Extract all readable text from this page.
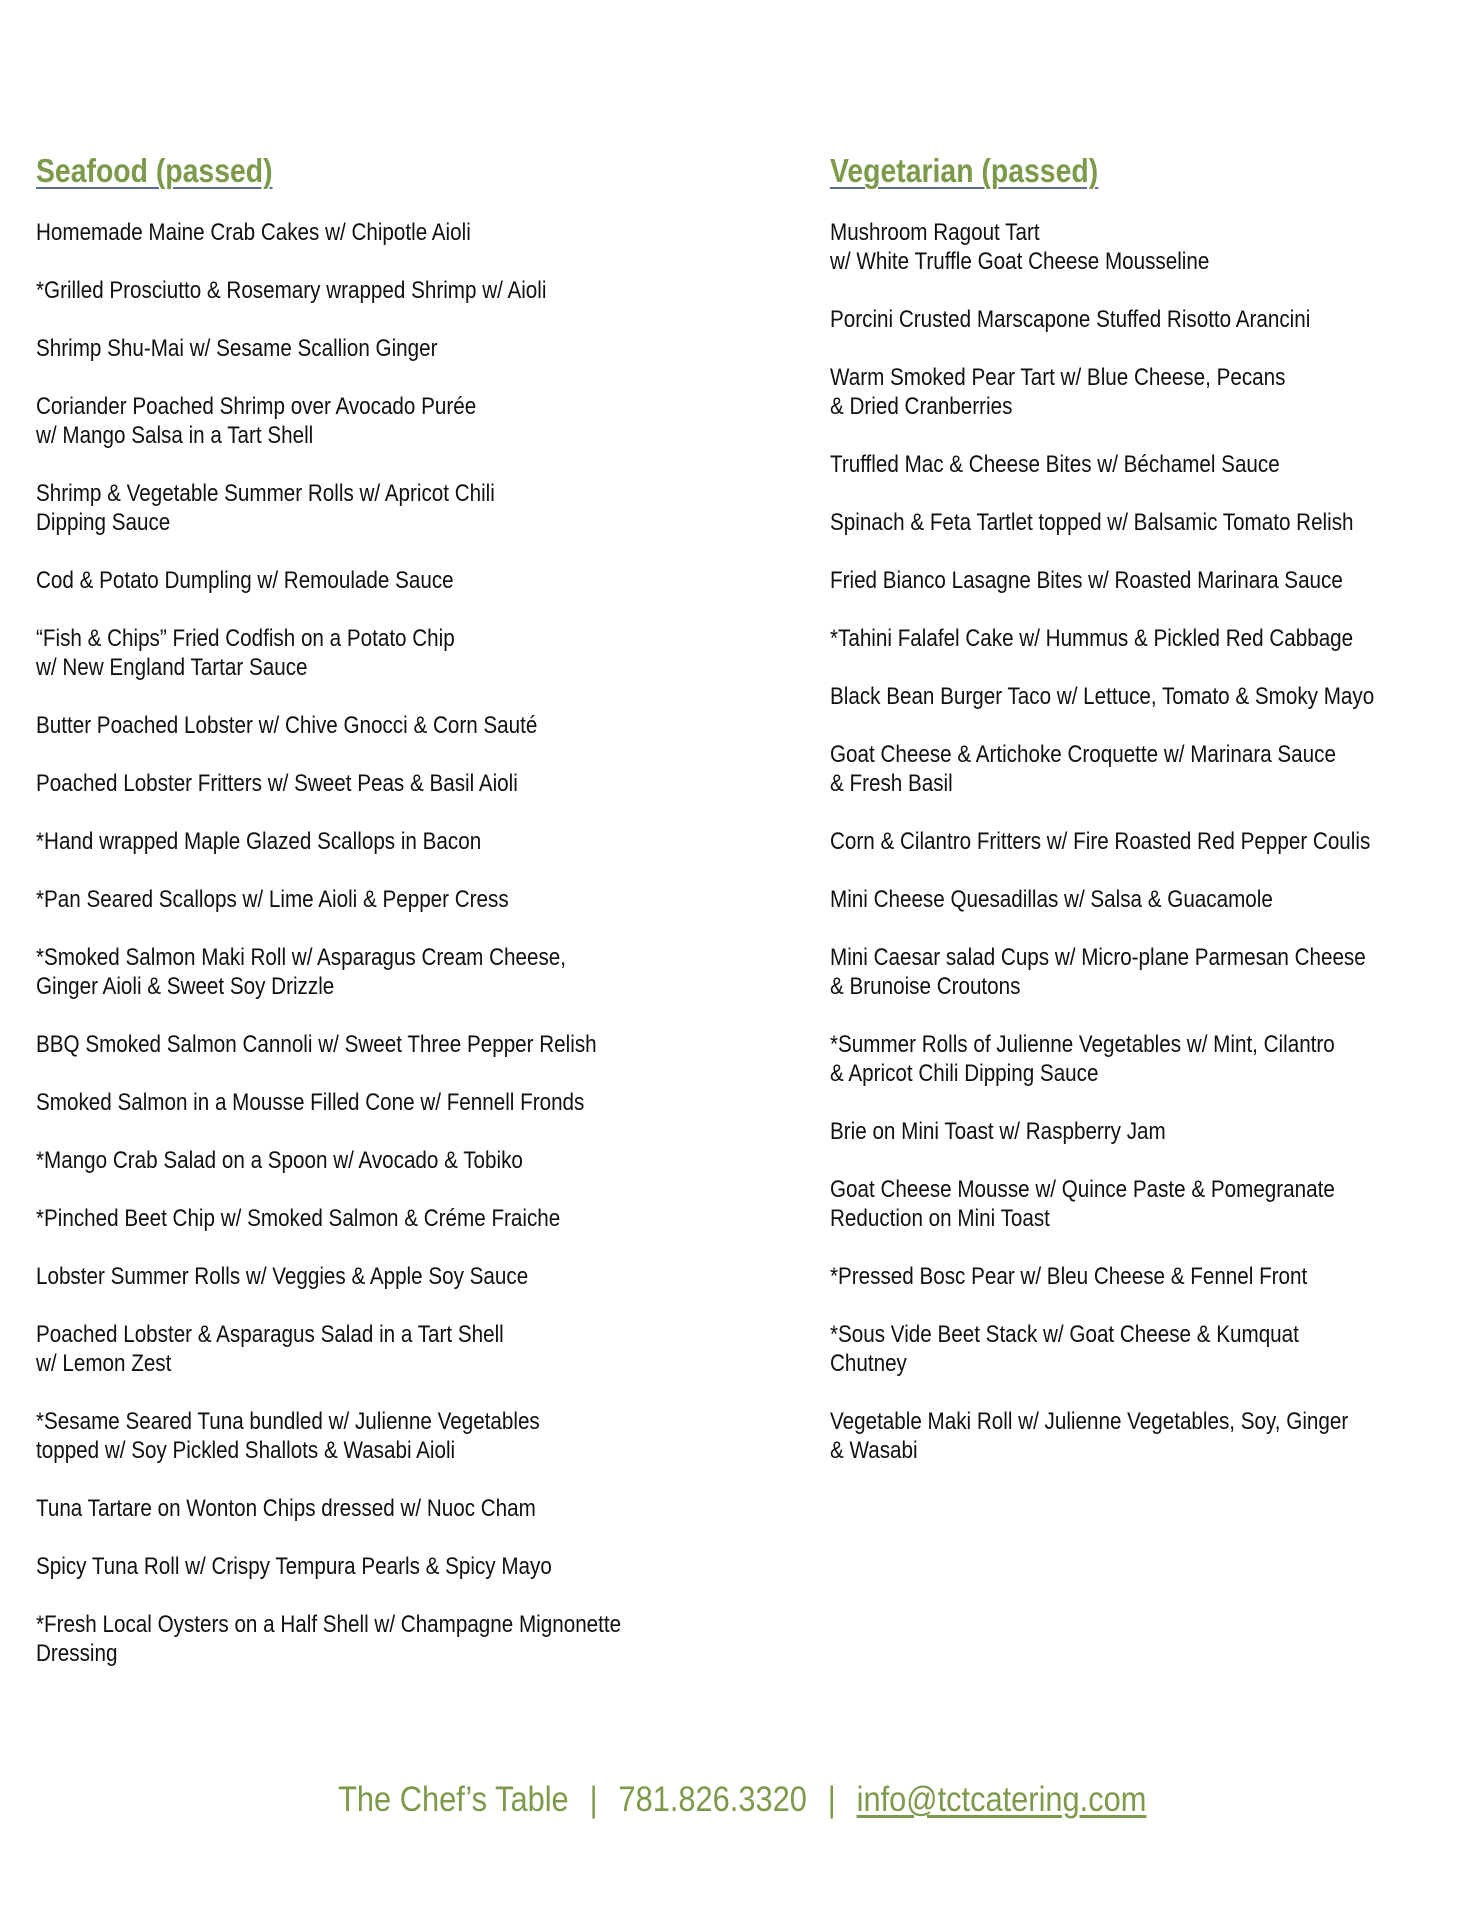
Seafood (passed)
Homemade Maine Crab Cakes w/ Chipotle Aioli
*Grilled Prosciutto & Rosemary wrapped Shrimp w/ Aioli
Shrimp Shu-Mai w/ Sesame Scallion Ginger
Coriander Poached Shrimp over Avocado Purée
w/ Mango Salsa in a Tart Shell
Shrimp & Vegetable Summer Rolls w/ Apricot Chili
Dipping Sauce
Cod & Potato Dumpling w/ Remoulade Sauce
“Fish & Chips” Fried Codfish on a Potato Chip
w/ New England Tartar Sauce
Butter Poached Lobster w/ Chive Gnocci & Corn Sauté
Poached Lobster Fritters w/ Sweet Peas & Basil Aioli
*Hand wrapped Maple Glazed Scallops in Bacon
*Pan Seared Scallops w/ Lime Aioli & Pepper Cress
*Smoked Salmon Maki Roll w/ Asparagus Cream Cheese,
Ginger Aioli & Sweet Soy Drizzle
BBQ Smoked Salmon Cannoli w/ Sweet Three Pepper Relish
Smoked Salmon in a Mousse Filled Cone w/ Fennell Fronds
*Mango Crab Salad on a Spoon w/ Avocado & Tobiko
*Pinched Beet Chip w/ Smoked Salmon & Créme Fraiche
Lobster Summer Rolls w/ Veggies & Apple Soy Sauce
Poached Lobster & Asparagus Salad in a Tart Shell
w/ Lemon Zest
*Sesame Seared Tuna bundled w/ Julienne Vegetables
topped w/ Soy Pickled Shallots & Wasabi Aioli
Tuna Tartare on Wonton Chips dressed w/ Nuoc Cham
Spicy Tuna Roll w/ Crispy Tempura Pearls & Spicy Mayo
*Fresh Local Oysters on a Half Shell w/ Champagne Mignonette
Dressing
Vegetarian (passed)
Mushroom Ragout Tart
w/ White Truffle Goat Cheese Mousseline
Porcini Crusted Marscapone Stuffed Risotto Arancini
Warm Smoked Pear Tart w/ Blue Cheese, Pecans
& Dried Cranberries
Truffled Mac & Cheese Bites w/ Béchamel Sauce
Spinach & Feta Tartlet topped w/ Balsamic Tomato Relish
Fried Bianco Lasagne Bites w/ Roasted Marinara Sauce
*Tahini Falafel Cake w/ Hummus & Pickled Red Cabbage
Black Bean Burger Taco w/ Lettuce, Tomato & Smoky Mayo
Goat Cheese & Artichoke Croquette w/ Marinara Sauce
& Fresh Basil
Corn & Cilantro Fritters w/ Fire Roasted Red Pepper Coulis
Mini Cheese Quesadillas w/ Salsa & Guacamole
Mini Caesar salad Cups w/ Micro-plane Parmesan Cheese
& Brunoise Croutons
*Summer Rolls of Julienne Vegetables w/ Mint, Cilantro
& Apricot Chili Dipping Sauce
Brie on Mini Toast w/ Raspberry Jam
Goat Cheese Mousse w/ Quince Paste & Pomegranate
Reduction on Mini Toast
*Pressed Bosc Pear w/ Bleu Cheese & Fennel Front
*Sous Vide Beet Stack w/ Goat Cheese & Kumquat
Chutney
Vegetable Maki Roll w/ Julienne Vegetables, Soy, Ginger
& Wasabi
The Chef’s Table | 781.826.3320 | info@tctcatering.com
